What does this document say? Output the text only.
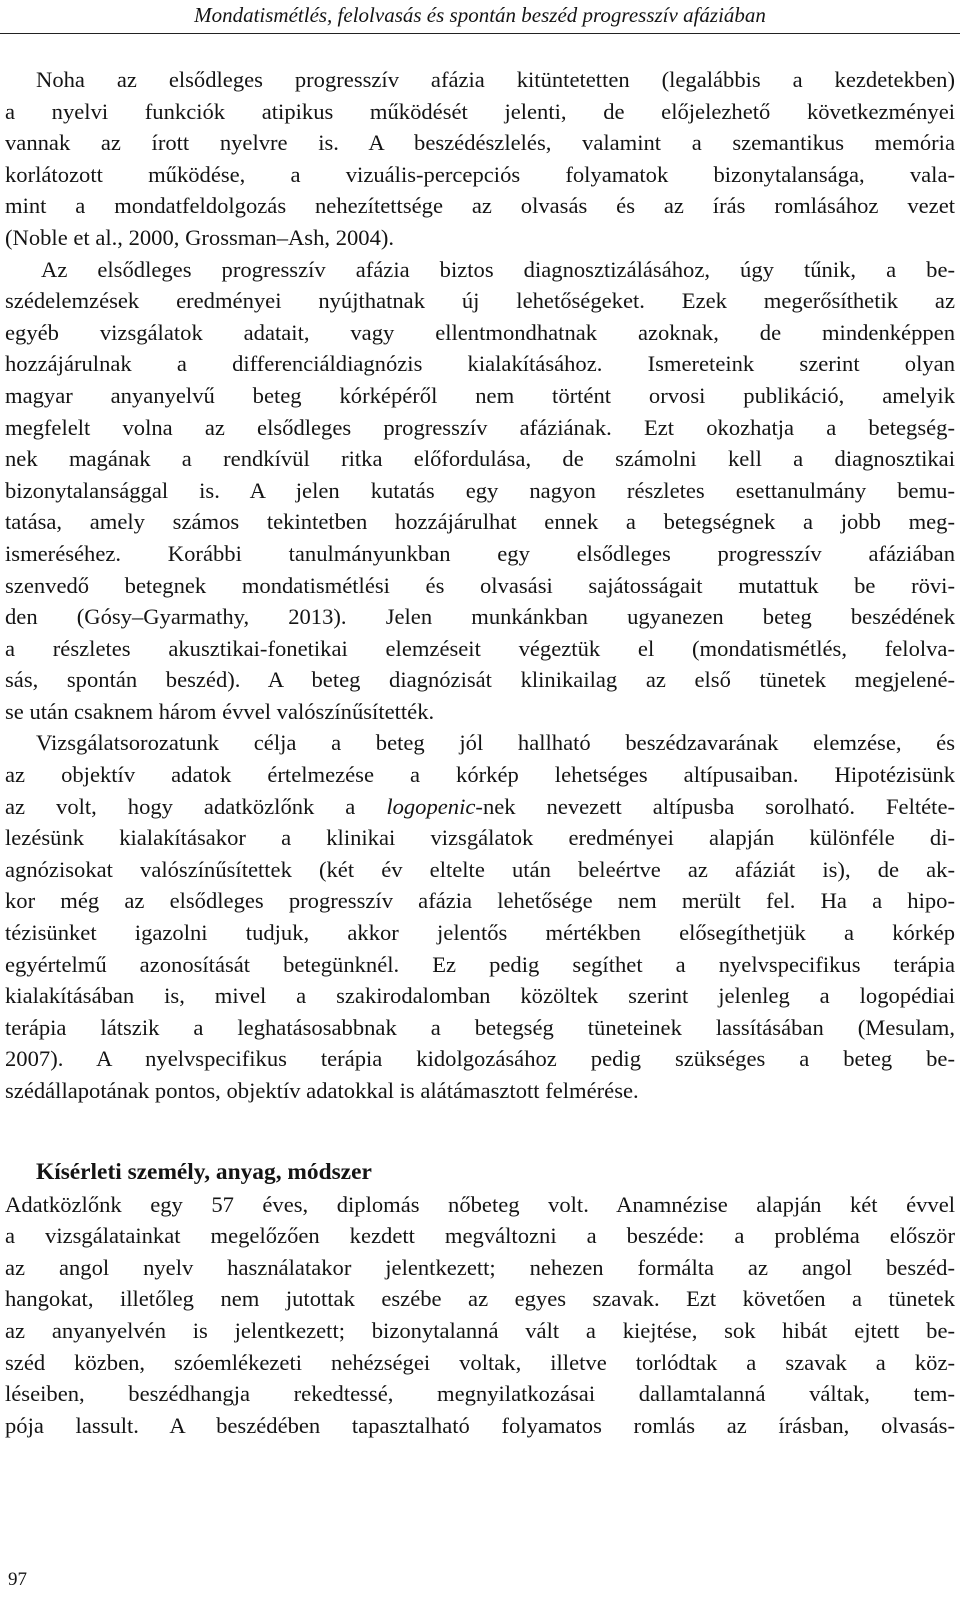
Mondatismétlés, felolvasás és spontán beszéd progresszív afáziában
Noha az elsődleges progresszív afázia kitüntetetten (legalábbis a kezdetekben)
a nyelvi funkciók atipikus működését jelenti, de előjelezhető következményei
vannak az írott nyelvre is. A beszédészlelés, valamint a szemantikus memória
korlátozott működése, a vizuális-percepciós folyamatok bizonytalansága, vala-
mint a mondatfeldolgozás nehezítettsége az olvasás és az írás romlásához vezet
(Noble et al., 2000, Grossman–Ash, 2004).
Az elsődleges progresszív afázia biztos diagnosztizálásához, úgy tűnik, a be-
szédelemzések eredményei nyújthatnak új lehetőségeket. Ezek megerősíthetik az
egyéb vizsgálatok adatait, vagy ellentmondhatnak azoknak, de mindenképpen
hozzájárulnak a differenciáldiagnózis kialakításához. Ismereteink szerint olyan
magyar anyanyelvű beteg kórképéről nem történt orvosi publikáció, amelyik
megfelelt volna az elsődleges progresszív afáziának. Ezt okozhatja a betegség-
nek magának a rendkívül ritka előfordulása, de számolni kell a diagnosztikai
bizonytalansággal is. A jelen kutatás egy nagyon részletes esettanulmány bemu-
tatása, amely számos tekintetben hozzájárulhat ennek a betegségnek a jobb meg-
ismeréséhez. Korábbi tanulmányunkban egy elsődleges progresszív afáziában
szenvedő betegnek mondatismétlési és olvasási sajátosságait mutattuk be rövi-
den (Gósy–Gyarmathy, 2013). Jelen munkánkban ugyanezen beteg beszédének
a részletes akusztikai-fonetikai elemzéseit végeztük el (mondatismétlés, felolva-
sás, spontán beszéd). A beteg diagnózisát klinikailag az első tünetek megjelené-
se után csaknem három évvel valószínűsítették.
Vizsgálatsorozatunk célja a beteg jól hallható beszédzavarának elemzése, és
az objektív adatok értelmezése a kórkép lehetséges altípusaiban. Hipotézisünk
az volt, hogy adatközlőnk a logopenic-nek nevezett altípusba sorolható. Feltéte-
lezésünk kialakításakor a klinikai vizsgálatok eredményei alapján különféle di-
agnózisokat valószínűsítettek (két év eltelte után beleértve az afáziát is), de ak-
kor még az elsődleges progresszív afázia lehetősége nem merült fel. Ha a hipo-
tézisünket igazolni tudjuk, akkor jelentős mértékben elősegíthetjük a kórkép
egyértelmű azonosítását betegünknél. Ez pedig segíthet a nyelvspecifikus terápia
kialakításában is, mivel a szakirodalomban közöltek szerint jelenleg a logopédiai
terápia látszik a leghatásosabbnak a betegség tüneteinek lassításában (Mesulam,
2007). A nyelvspecifikus terápia kidolgozásához pedig szükséges a beteg be-
szédállapotának pontos, objektív adatokkal is alátámasztott felmérése.
Kísérleti személy, anyag, módszer
Adatközlőnk egy 57 éves, diplomás nőbeteg volt. Anamnézise alapján két évvel
a vizsgálatainkat megelőzően kezdett megváltozni a beszéde: a probléma először
az angol nyelv használatakor jelentkezett; nehezen formálta az angol beszéd-
hangokat, illetőleg nem jutottak eszébe az egyes szavak. Ezt követően a tünetek
az anyanyelvén is jelentkezett; bizonytalanná vált a kiejtése, sok hibát ejtett be-
széd közben, szóemlékezeti nehézségei voltak, illetve torlódtak a szavak a köz-
léseiben, beszédhangja rekedtessé, megnyilatkozásai dallamtalanná váltak, tem-
pója lassult. A beszédében tapasztalható folyamatos romlás az írásban, olvasás-
97
